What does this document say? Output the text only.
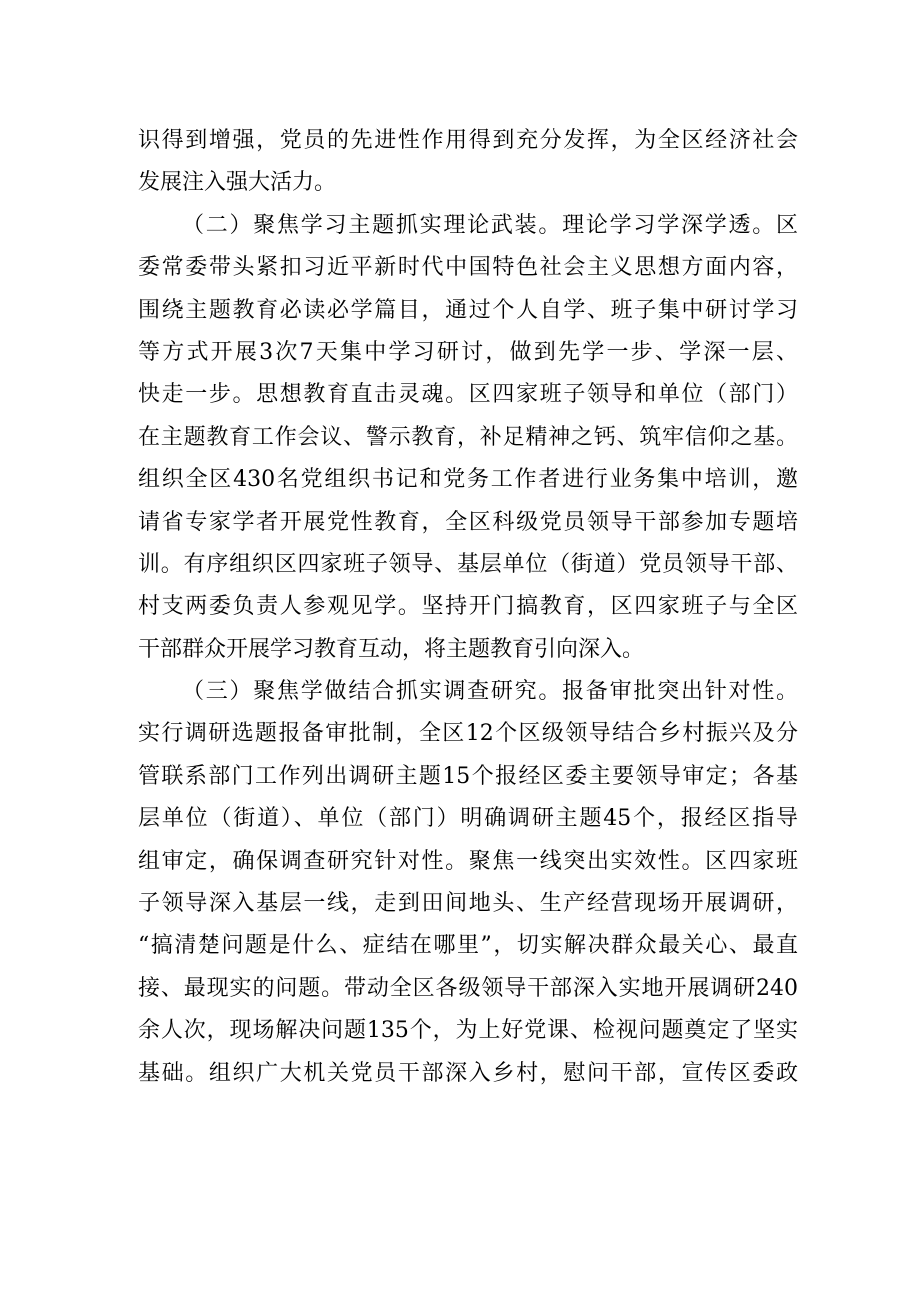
识得到增强，党员的先进性作用得到充分发挥，为全区经济社会
发展注入强大活力。
（二）聚焦学习主题抓实理论武装。理论学习学深学透。区
委常委带头紧扣习近平新时代中国特色社会主义思想方面内容，
围绕主题教育必读必学篇目，通过个人自学、班子集中研讨学习
等方式开展3次7天集中学习研讨，做到先学一步、学深一层、
快走一步。思想教育直击灵魂。区四家班子领导和单位（部门）
在主题教育工作会议、警示教育，补足精神之钙、筑牢信仰之基。
组织全区430名党组织书记和党务工作者进行业务集中培训，邀
请省专家学者开展党性教育，全区科级党员领导干部参加专题培
训。有序组织区四家班子领导、基层单位（街道）党员领导干部、
村支两委负责人参观见学。坚持开门搞教育，区四家班子与全区
干部群众开展学习教育互动，将主题教育引向深入。
（三）聚焦学做结合抓实调查研究。报备审批突出针对性。
实行调研选题报备审批制，全区12个区级领导结合乡村振兴及分
管联系部门工作列出调研主题15个报经区委主要领导审定；各基
层单位（街道）、单位（部门）明确调研主题45个，报经区指导
组审定，确保调查研究针对性。聚焦一线突出实效性。区四家班
子领导深入基层一线，走到田间地头、生产经营现场开展调研，
“搞清楚问题是什么、症结在哪里”，切实解决群众最关心、最直
接、最现实的问题。带动全区各级领导干部深入实地开展调研240
余人次，现场解决问题135个，为上好党课、检视问题奠定了坚实
基础。组织广大机关党员干部深入乡村，慰问干部，宣传区委政
